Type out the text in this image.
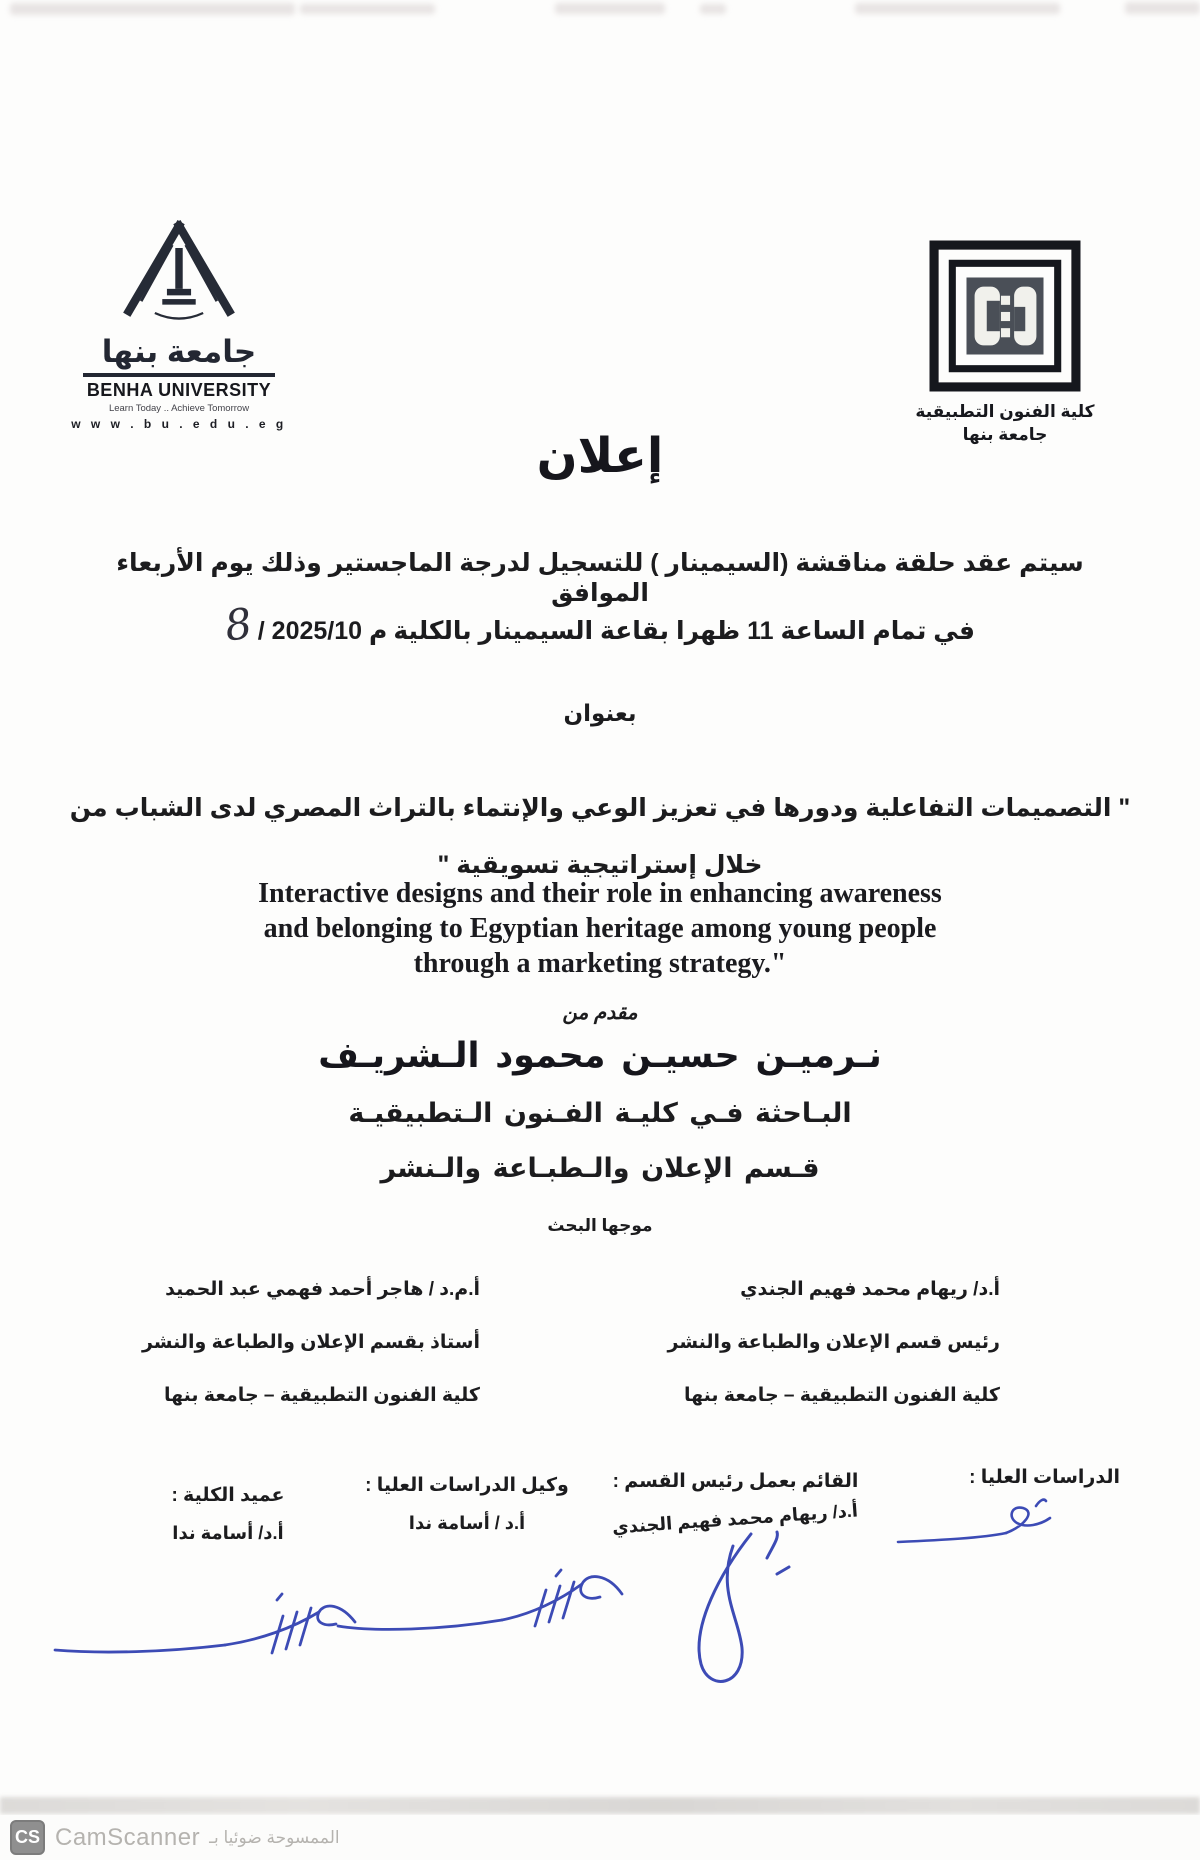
جامعة بنها
BENHA UNIVERSITY
Learn Today .. Achieve Tomorrow
w w w . b u . e d u . e g
كلية الفنون التطبيقية
جامعة بنها
إعلان
سيتم عقد حلقة مناقشة (السيمينار ) للتسجيل لدرجة الماجستير وذلك يوم الأربعاء الموافق
8 / 2025/10 م في تمام الساعة 11 ظهرا بقاعة السيمينار بالكلية
بعنوان
" التصميمات التفاعلية ودورها في تعزيز الوعي والإنتماء بالتراث المصري لدى الشباب من
خلال إستراتيجية تسويقية "
Interactive designs and their role in enhancing awareness
and belonging to Egyptian heritage among young people
through a marketing strategy."
مقدم من
نـرميـن حسيـن محمود الـشريـف
البـاحثة فـي كليـة الفـنون الـتطبيقيـة
قـسم الإعلان والـطبـاعة والـنشر
موجها البحث
أ.د/ ريهام محمد فهيم الجندي
رئيس قسم الإعلان والطباعة والنشر
كلية الفنون التطبيقية – جامعة بنها
أ.م.د / هاجر أحمد فهمي عبد الحميد
أستاذ بقسم الإعلان والطباعة والنشر
كلية الفنون التطبيقية – جامعة بنها
الدراسات العليا :
القائم بعمل رئيس القسم :
أ.د/ ريهام محمد فهيم الجندي
وكيل الدراسات العليا :
أ.د / أسامة ندا
عميد الكلية :
أ.د/ أسامة ندا
CS CamScanner الممسوحة ضوئيا بـ
